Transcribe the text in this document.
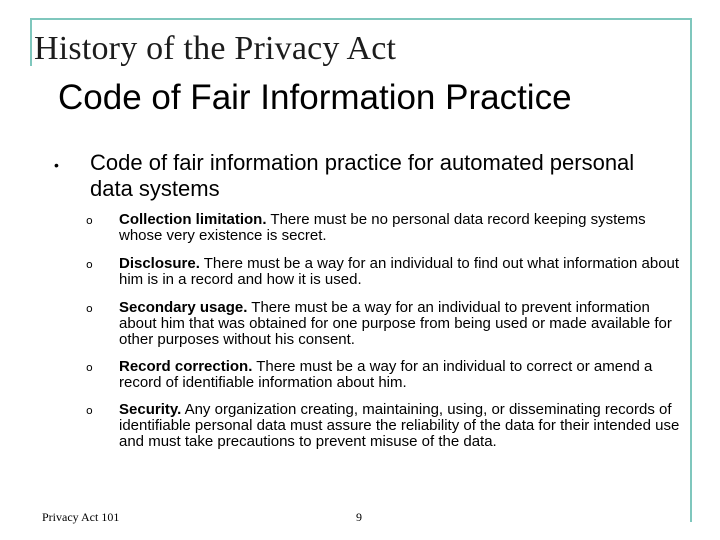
History of the Privacy Act
Code of Fair Information Practice
• Code of fair information practice for automated personal data systems
o Collection limitation. There must be no personal data record keeping systems whose very existence is secret.
o Disclosure. There must be a way for an individual to find out what information about him is in a record and how it is used.
o Secondary usage. There must be a way for an individual to prevent information about him that was obtained for one purpose from being used or made available for other purposes without his consent.
o Record correction. There must be a way for an individual to correct or amend a record of identifiable information about him.
o Security. Any organization creating, maintaining, using, or disseminating records of identifiable personal data must assure the reliability of the data for their intended use and must take precautions to prevent misuse of the data.
Privacy Act 101	9
